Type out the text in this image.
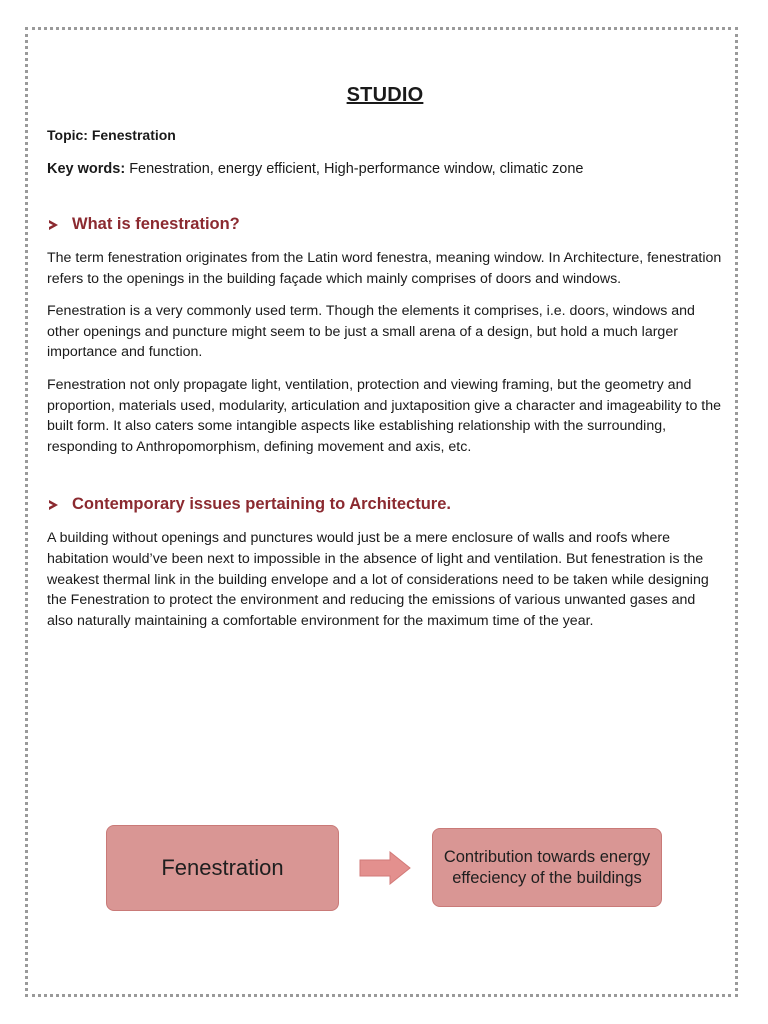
STUDIO
Topic: Fenestration
Key words: Fenestration, energy efficient, High-performance window, climatic zone
What is fenestration?

The term fenestration originates from the Latin word fenestra, meaning window. In Architecture, fenestration refers to the openings in the building façade which mainly comprises of doors and windows.

Fenestration is a very commonly used term. Though the elements it comprises, i.e. doors, windows and other openings and puncture might seem to be just a small arena of a design, but hold a much larger importance and function.

Fenestration not only propagate light, ventilation, protection and viewing framing, but the geometry and proportion, materials used, modularity, articulation and juxtaposition give a character and imageability to the built form. It also caters some intangible aspects like establishing relationship with the surrounding, responding to Anthropomorphism, defining movement and axis, etc.

Contemporary issues pertaining to Architecture.

A building without openings and punctures would just be a mere enclosure of walls and roofs where habitation would’ve been next to impossible in the absence of light and ventilation. But fenestration is the weakest thermal link in the building envelope and a lot of considerations need to be taken while designing the Fenestration to protect the environment and reducing the emissions of various unwanted gases and also naturally maintaining a comfortable environment for the maximum time of the year.

Fenestration	Contribution towards energy effeciency of the buildings
